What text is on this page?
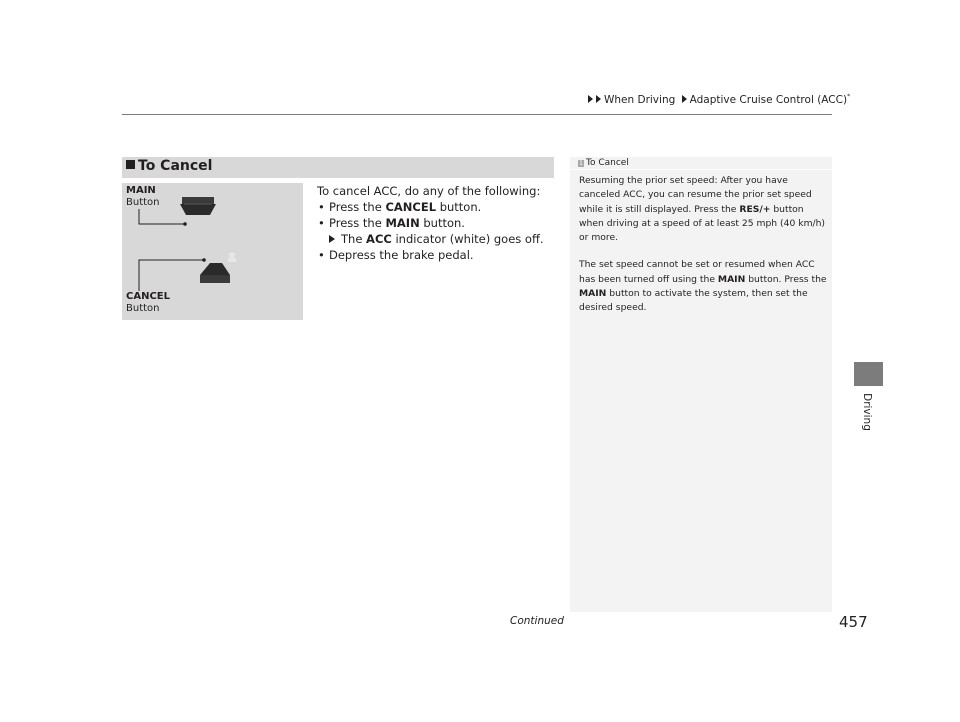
When Driving Adaptive Cruise Control (ACC)*
To Cancel
MAIN
Button
CANCEL
Button

To cancel ACC, do any of the following:

• Press the CANCEL button.
• Press the MAIN button.
The ACC indicator (white) goes off.
• Depress the brake pedal.
1 To Cancel

Resuming the prior set speed: After you have canceled ACC, you can resume the prior set speed while it is still displayed. Press the RES/+ button when driving at a speed of at least 25 mph (40 km/h) or more.

The set speed cannot be set or resumed when ACC has been turned off using the MAIN button. Press the MAIN button to activate the system, then set the desired speed.

Driving
Continued	457
